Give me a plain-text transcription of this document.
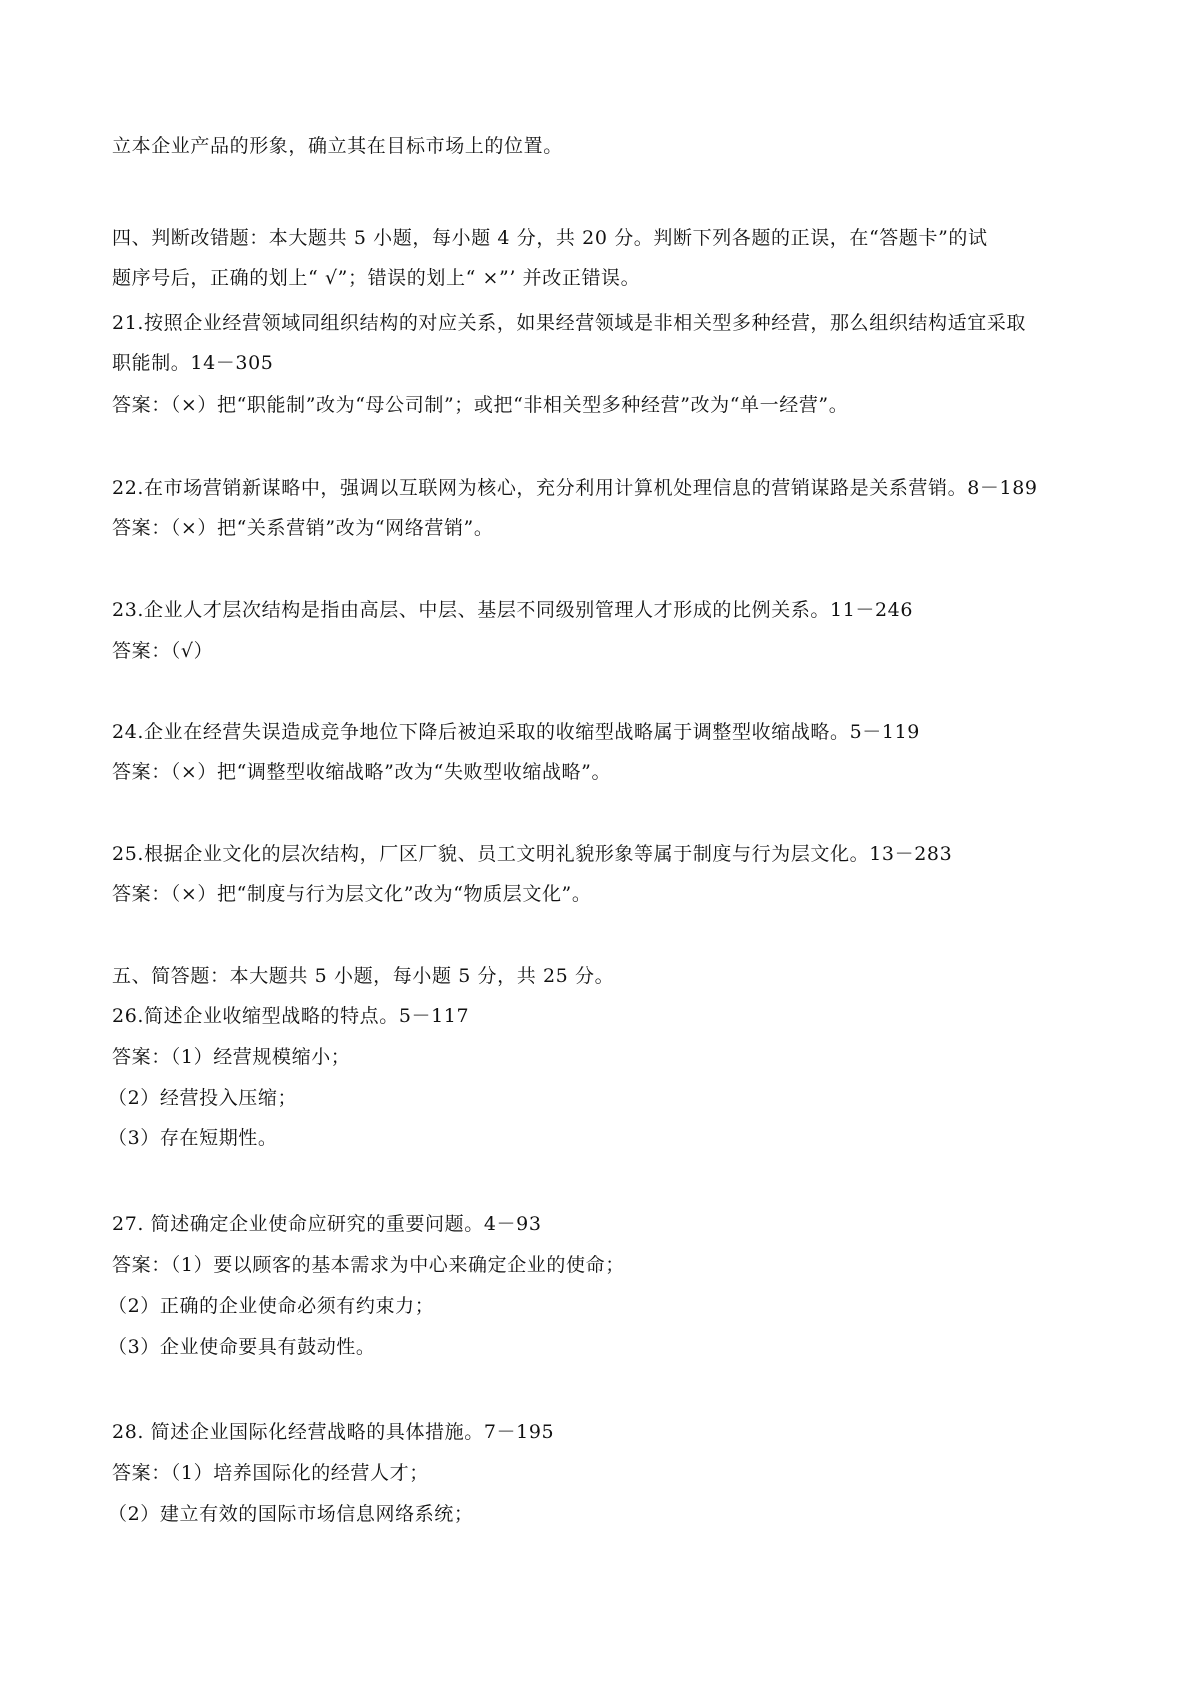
立本企业产品的形象，确立其在目标市场上的位置。
四、判断改错题：本大题共 5 小题，每小题 4 分，共 20 分。判断下列各题的正误，在“答题卡”的试
题序号后，正确的划上“ √”；错误的划上“ ×”’ 并改正错误。
21.按照企业经营领域同组织结构的对应关系，如果经营领域是非相关型多种经营，那么组织结构适宜采取
职能制。14－305
答案：（×）把“职能制”改为“母公司制”；或把“非相关型多种经营”改为“单一经营”。
22.在市场营销新谋略中，强调以互联网为核心，充分利用计算机处理信息的营销谋路是关系营销。8－189
答案：（×）把“关系营销”改为“网络营销”。
23.企业人才层次结构是指由高层、中层、基层不同级别管理人才形成的比例关系。11－246
答案：（√）
24.企业在经营失误造成竞争地位下降后被迫采取的收缩型战略属于调整型收缩战略。5－119
答案：（×）把“调整型收缩战略”改为“失败型收缩战略”。
25.根据企业文化的层次结构，厂区厂貌、员工文明礼貌形象等属于制度与行为层文化。13－283
答案：（×）把“制度与行为层文化”改为“物质层文化”。
五、简答题：本大题共 5 小题，每小题 5 分，共 25 分。
26.简述企业收缩型战略的特点。5－117
答案：（1）经营规模缩小；
（2）经营投入压缩；
（3）存在短期性。
27. 简述确定企业使命应研究的重要问题。4－93
答案：（1）要以顾客的基本需求为中心来确定企业的使命；
（2）正确的企业使命必须有约束力；
（3）企业使命要具有鼓动性。
28. 简述企业国际化经营战略的具体措施。7－195
答案：（1）培养国际化的经营人才；
（2）建立有效的国际市场信息网络系统；
